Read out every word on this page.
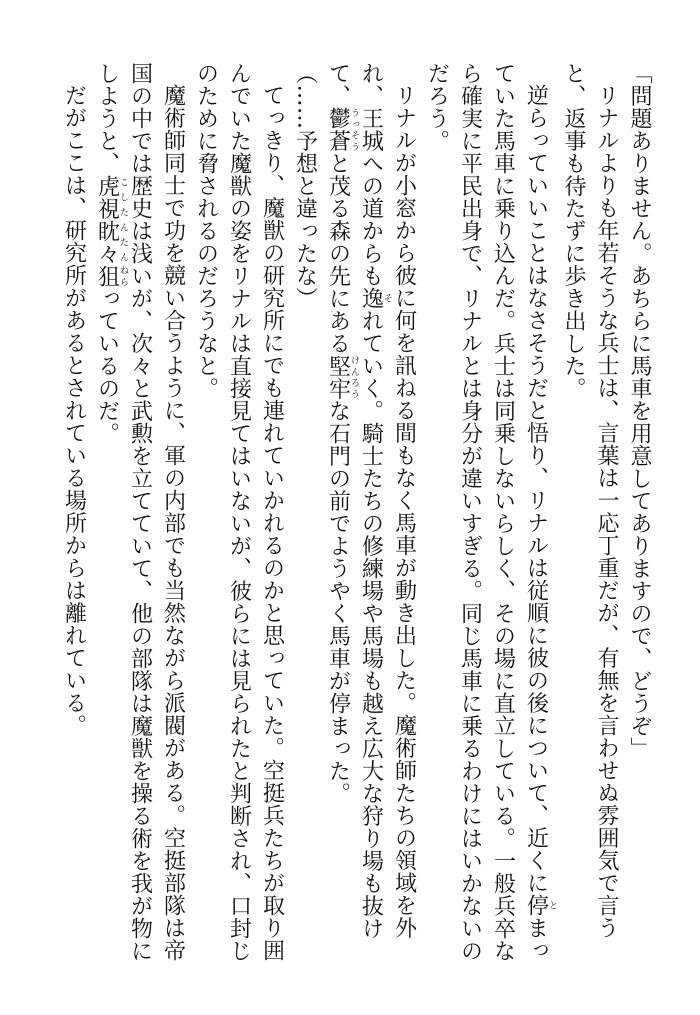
「問題ありません。あちらに馬車を用意してありますので、どうぞ」

リナルよりも年若そうな兵士は、言葉は一応丁重だが、有無を言わせぬ雰囲気で言うと、返事も待たずに歩き出した。

逆らっていいことはなさそうだと悟り、リナルは従順に彼の後について、近くに停とまっていた馬車に乗り込んだ。兵士は同乗しないらしく、その場に直立している。一般兵卒なら確実に平民出身で、リナルとは身分が違いすぎる。同じ馬車に乗るわけにはいかないのだろう。

リナルが小窓から彼に何を訊ねる間もなく馬車が動き出した。魔術師たちの領域を外れ、王城への道からも逸それていく。騎士たちの修練場や馬場も越え広大な狩り場も抜けて、鬱蒼うっそうと茂る森の先にある堅牢けんろうな石門の前でようやく馬車が停まった。

（……予想と違ったな）

てっきり、魔獣の研究所にでも連れていかれるのかと思っていた。空挺兵たちが取り囲んでいた魔獣の姿をリナルは直接見てはいないが、彼らには見られたと判断され、口封じのために脅されるのだろうなと。

魔術師同士で功を競い合うように、軍の内部でも当然ながら派閥がある。空挺部隊は帝国の中では歴史は浅いが、次々と武勲を立てていて、他の部隊は魔獣を操る術を我が物にしようと、虎視眈々こしたんたん狙ねらっているのだ。

だがここは、研究所があるとされている場所からは離れている。
